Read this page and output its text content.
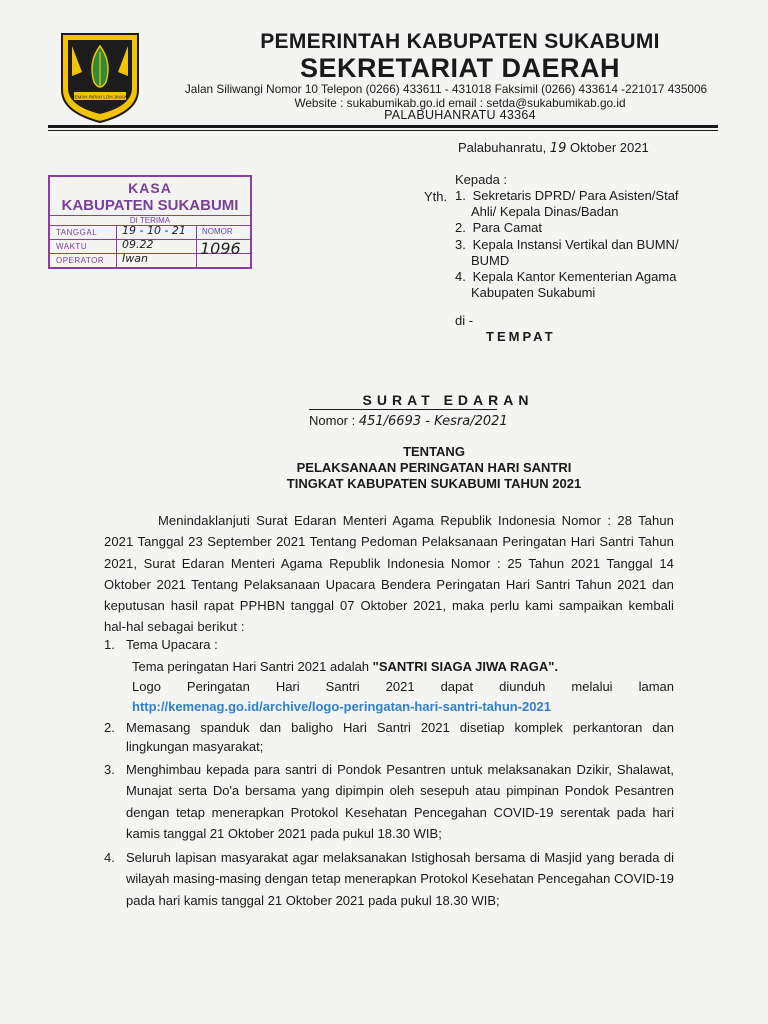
GEMAH RIPAH LOH JINAWI
PEMERINTAH KABUPATEN SUKABUMI
SEKRETARIAT DAERAH
Jalan Siliwangi Nomor 10 Telepon (0266) 433611 - 431018 Faksimil (0266) 433614 -221017 435006
Website : sukabumikab.go.id email : setda@sukabumikab.go.id
PALABUHANRATU 43364
Palabuhanratu, 19 Oktober 2021
Kepada :
Yth. 1. Sekretaris DPRD/ Para Asisten/Staf
Ahli/ Kepala Dinas/Badan
2. Para Camat
3. Kepala Instansi Vertikal dan BUMN/
BUMD
4. Kepala Kantor Kementerian Agama
Kabupaten Sukabumi
di -
TEMPAT
KASA
KABUPATEN SUKABUMI
DI TERIMA
TANGGAL 19 - 10 - 21
WAKTU	09.22
OPERATOR Iwan
NOMOR
1096
SURAT EDARAN
Nomor : 451/6693 - Kesra/2021
TENTANG
PELAKSANAAN PERINGATAN HARI SANTRI
TINGKAT KABUPATEN SUKABUMI TAHUN 2021
Menindaklanjuti Surat Edaran Menteri Agama Republik Indonesia Nomor : 28 Tahun 2021 Tanggal 23 September 2021 Tentang Pedoman Pelaksanaan Peringatan Hari Santri Tahun 2021, Surat Edaran Menteri Agama Republik Indonesia Nomor : 25 Tahun 2021 Tanggal 14 Oktober 2021 Tentang Pelaksanaan Upacara Bendera Peringatan Hari Santri Tahun 2021 dan keputusan hasil rapat PPHBN tanggal 07 Oktober 2021, maka perlu kami sampaikan kembali hal-hal sebagai berikut :
1. Tema Upacara :
Tema peringatan Hari Santri 2021 adalah "SANTRI SIAGA JIWA RAGA".
Logo      Peringatan      Hari      Santri      2021      dapat      diunduh      melalui      laman
http://kemenag.go.id/archive/logo-peringatan-hari-santri-tahun-2021
2. Memasang spanduk dan baligho Hari Santri 2021 disetiap komplek perkantoran dan lingkungan masyarakat;
3. Menghimbau kepada para santri di Pondok Pesantren untuk melaksanakan Dzikir, Shalawat, Munajat serta Do'a bersama yang dipimpin oleh sesepuh atau pimpinan Pondok Pesantren dengan tetap menerapkan Protokol Kesehatan Pencegahan COVID-19 serentak pada hari kamis tanggal 21 Oktober 2021 pada pukul 18.30 WIB;
4. Seluruh lapisan masyarakat agar melaksanakan Istighosah bersama di Masjid yang berada di wilayah masing-masing dengan tetap menerapkan Protokol Kesehatan Pencegahan COVID-19 pada hari kamis tanggal 21 Oktober 2021 pada pukul 18.30 WIB;
